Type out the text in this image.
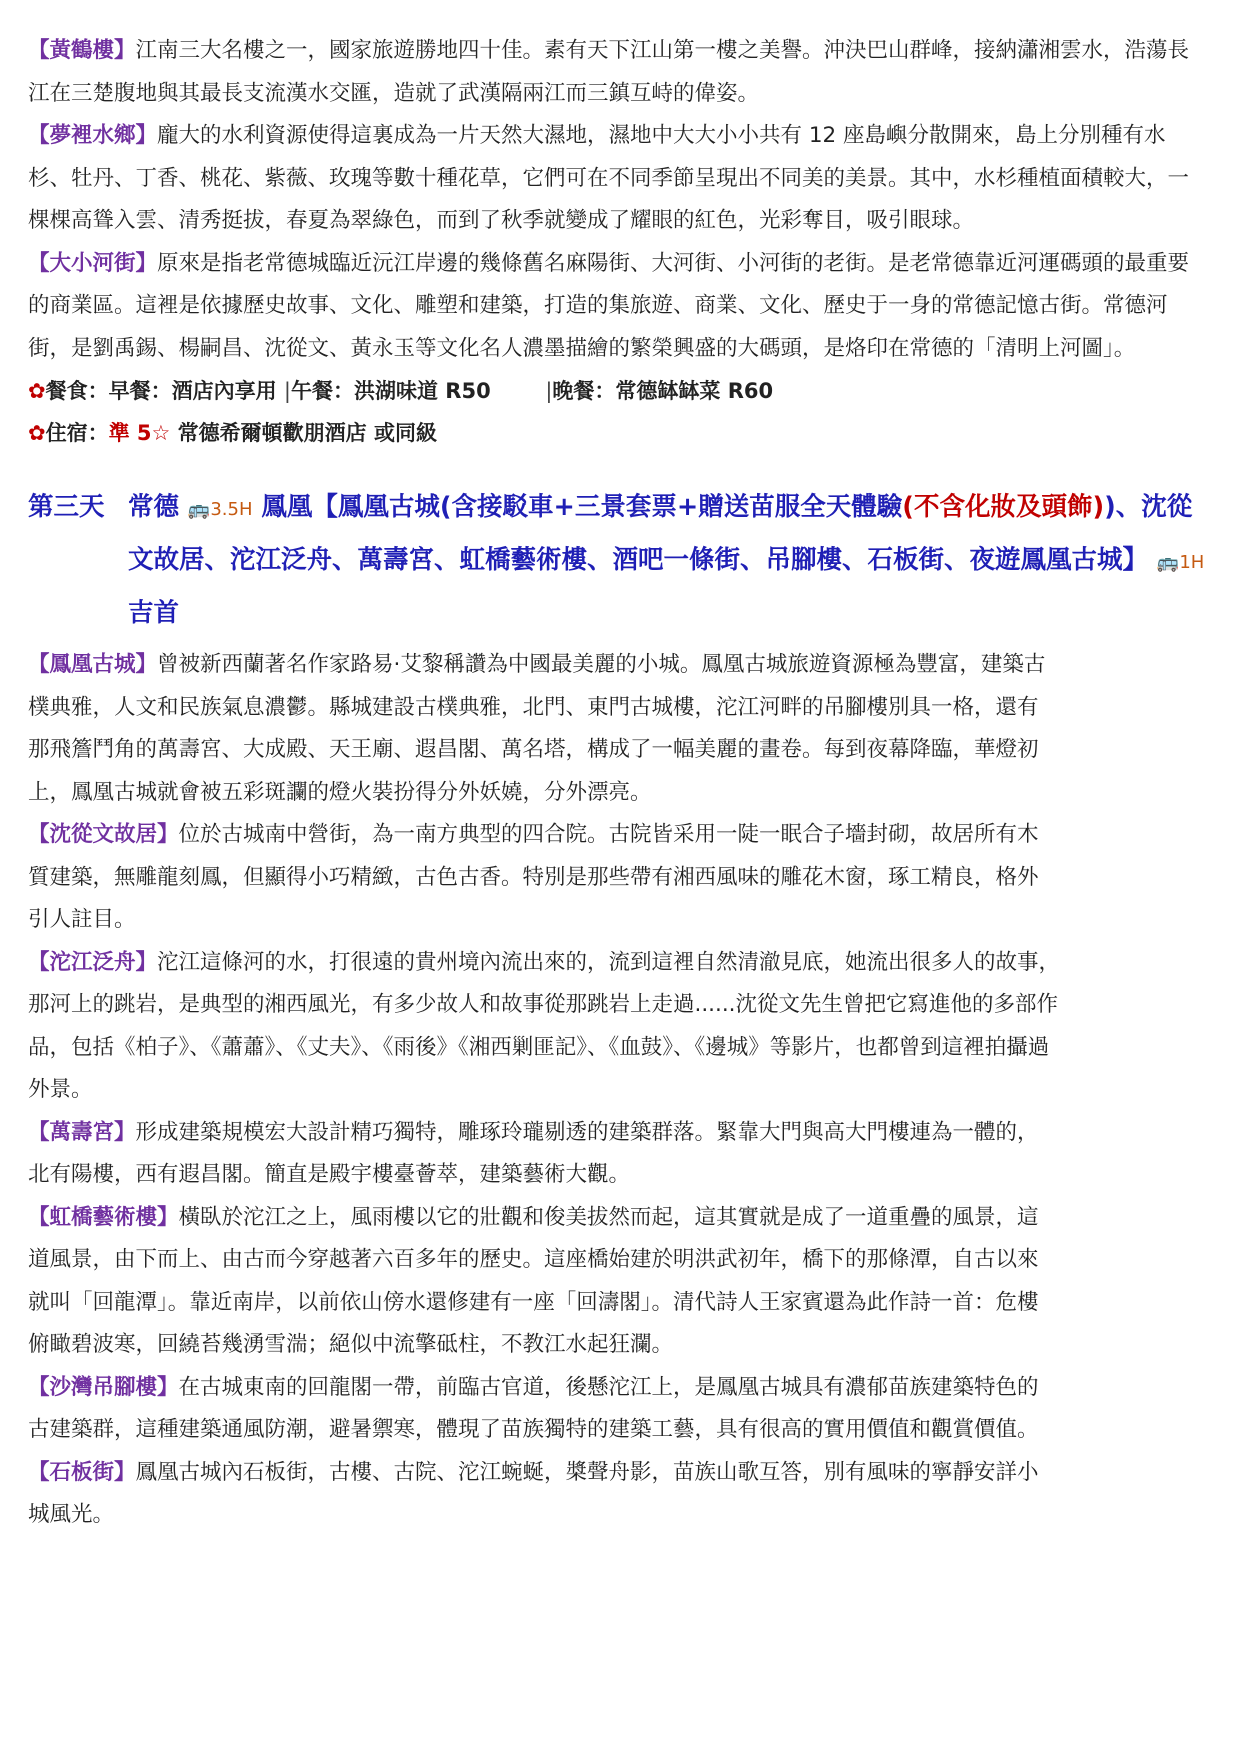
【黃鶴樓】江南三大名樓之一，國家旅遊勝地四十佳。素有天下江山第一樓之美譽。沖決巴山群峰，接納瀟湘雲水，浩蕩長江在三楚腹地與其最長支流漢水交匯，造就了武漢隔兩江而三鎮互峙的偉姿。

【夢裡水鄉】龐大的水利資源使得這裏成為一片天然大濕地，濕地中大大小小共有 12 座島嶼分散開來，島上分別種有水杉、牡丹、丁香、桃花、紫薇、玫瑰等數十種花草，它們可在不同季節呈現出不同美的美景。其中，水杉種植面積較大，一棵棵高聳入雲、清秀挺拔，春夏為翠綠色，而到了秋季就變成了耀眼的紅色，光彩奪目，吸引眼球。

【大小河街】原來是指老常德城臨近沅江岸邊的幾條舊名麻陽街、大河街、小河街的老街。是老常德靠近河運碼頭的最重要的商業區。這裡是依據歷史故事、文化、雕塑和建築，打造的集旅遊、商業、文化、歷史于一身的常德記憶古街。常德河街，是劉禹錫、楊嗣昌、沈從文、黃永玉等文化名人濃墨描繪的繁榮興盛的大碼頭，是烙印在常德的「清明上河圖」。

✿餐食：早餐：酒店內享用 |午餐：洪湖味道 R50	|晚餐：常德缽缽菜 R60
✿住宿：準 5☆ 常德希爾頓歡朋酒店 或同級
第三天 常德 🚌3.5H 鳳凰【鳳凰古城(含接駁車+三景套票+贈送苗服全天體驗(不含化妝及頭飾))、沈從文故居、沱江泛舟、萬壽宮、虹橋藝術樓、酒吧一條街、吊腳樓、石板街、夜遊鳳凰古城】 🚌1H 吉首

【鳳凰古城】曾被新西蘭著名作家路易·艾黎稱讚為中國最美麗的小城。鳳凰古城旅遊資源極為豐富，建築古樸典雅，人文和民族氣息濃鬱。縣城建設古樸典雅，北門、東門古城樓，沱江河畔的吊腳樓別具一格，還有那飛簷鬥角的萬壽宮、大成殿、天王廟、遐昌閣、萬名塔，構成了一幅美麗的畫卷。每到夜幕降臨，華燈初上，鳳凰古城就會被五彩斑讕的燈火裝扮得分外妖嬈，分外漂亮。

【沈從文故居】位於古城南中營街，為一南方典型的四合院。古院皆采用一陡一眠合子墻封砌，故居所有木質建築，無雕龍刻鳳，但顯得小巧精緻，古色古香。特別是那些帶有湘西風味的雕花木窗，琢工精良，格外引人註目。

【沱江泛舟】沱江這條河的水，打很遠的貴州境內流出來的，流到這裡自然清澈見底，她流出很多人的故事，那河上的跳岩，是典型的湘西風光，有多少故人和故事從那跳岩上走過......沈從文先生曾把它寫進他的多部作品，包括《柏子》、《蕭蕭》、《丈夫》、《雨後》《湘西剿匪記》、《血鼓》、《邊城》等影片，也都曾到這裡拍攝過外景。

【萬壽宮】形成建築規模宏大設計精巧獨特，雕琢玲瓏剔透的建築群落。緊靠大門與高大門樓連為一體的，北有陽樓，西有遐昌閣。簡直是殿宇樓臺薈萃，建築藝術大觀。

【虹橋藝術樓】橫臥於沱江之上，風雨樓以它的壯觀和俊美拔然而起，這其實就是成了一道重疊的風景，這道風景，由下而上、由古而今穿越著六百多年的歷史。這座橋始建於明洪武初年，橋下的那條潭，自古以來就叫「回龍潭」。靠近南岸，以前依山傍水還修建有一座「回濤閣」。清代詩人王家賓還為此作詩一首：危樓俯瞰碧波寒，回繞苔幾湧雪湍；絕似中流擎砥柱，不教江水起狂瀾。

【沙灣吊腳樓】在古城東南的回龍閣一帶，前臨古官道，後懸沱江上，是鳳凰古城具有濃郁苗族建築特色的古建築群，這種建築通風防潮，避暑禦寒，體現了苗族獨特的建築工藝，具有很高的實用價值和觀賞價值。

【石板街】鳳凰古城內石板街，古樓、古院、沱江蜿蜒，槳聲舟影，苗族山歌互答，別有風味的寧靜安詳小城風光。
